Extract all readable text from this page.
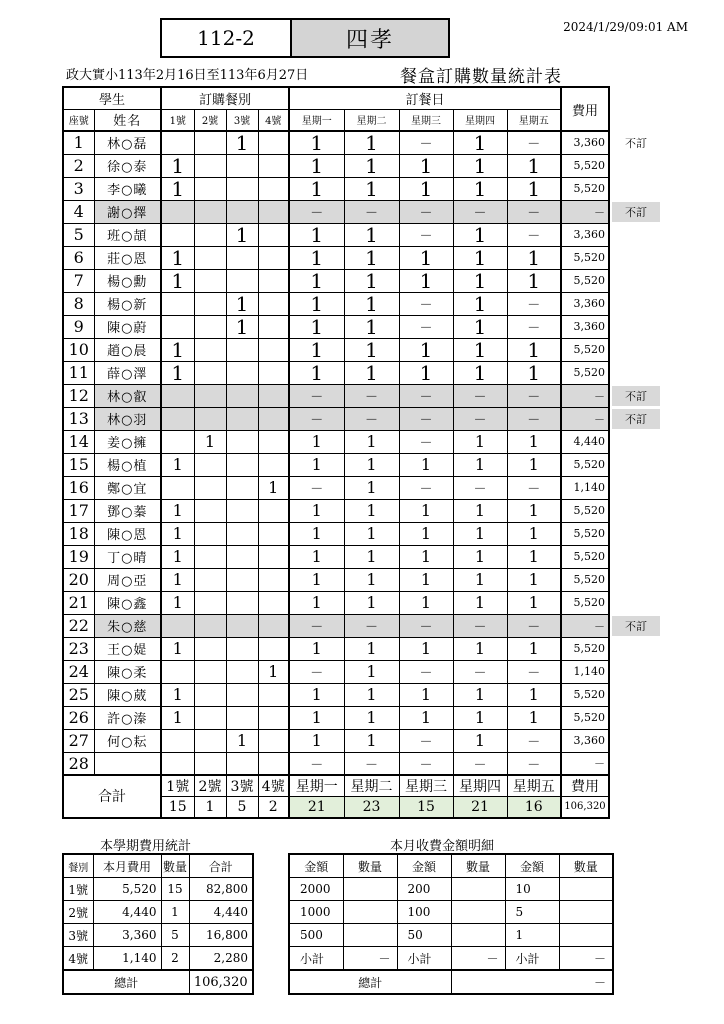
112-2	四孝
2024/1/29/09:01 AM
政大實小113年2月16日至113年6月27日	餐盒訂購數量統計表
學生		訂購餐別				訂餐日					費用
座號	姓名	1號	2號	3號	4號	星期一	星期二	星期三	星期四	星期五	
1	林○磊			1		1	1	－	1	－	3,360
2	徐○泰	1				1	1	1	1	1	5,520
3	李○曦	1				1	1	1	1	1	5,520
4	謝○擇					－	－	－	－	－	－
5	班○頡			1		1	1	－	1	－	3,360
6	莊○恩	1				1	1	1	1	1	5,520
7	楊○勳	1				1	1	1	1	1	5,520
8	楊○新			1		1	1	－	1	－	3,360
9	陳○蔚			1		1	1	－	1	－	3,360
10	趙○晨	1				1	1	1	1	1	5,520
11	薛○澤	1				1	1	1	1	1	5,520
12	林○叡					－	－	－	－	－	－
13	林○羽					－	－	－	－	－	－
14	姜○擁		1			1	1	－	1	1	4,440
15	楊○植	1				1	1	1	1	1	5,520
16	鄭○宜				1	－	1	－	－	－	1,140
17	鄧○蓁	1				1	1	1	1	1	5,520
18	陳○恩	1				1	1	1	1	1	5,520
19	丁○晴	1				1	1	1	1	1	5,520
20	周○亞	1				1	1	1	1	1	5,520
21	陳○鑫	1				1	1	1	1	1	5,520
22	朱○慈					－	－	－	－	－	－
23	王○媞	1				1	1	1	1	1	5,520
24	陳○柔				1	－	1	－	－	－	1,140
25	陳○葳	1				1	1	1	1	1	5,520
26	許○溱	1				1	1	1	1	1	5,520
27	何○耘			1		1	1	－	1	－	3,360
28						－	－	－	－	－	－
合計		1號	2號	3號	4號	星期一	星期二	星期三	星期四	星期五	費用
		15	1	5	2	21	23	15	21	16	106,320
不訂
不訂
不訂
不訂
不訂
本學期費用統計
餐別	本月費用	數量	合計
1號	5,520	15	82,800
2號	4,440	1	4,440
3號	3,360	5	16,800
4號	1,140	2	2,280
總計			106,320
本月收費金額明細
金額	數量	金額	數量	金額	數量
2000		200		10	
1000		100		5	
500		50		1	
小計	－	小計	－	小計	－
總計			－		
